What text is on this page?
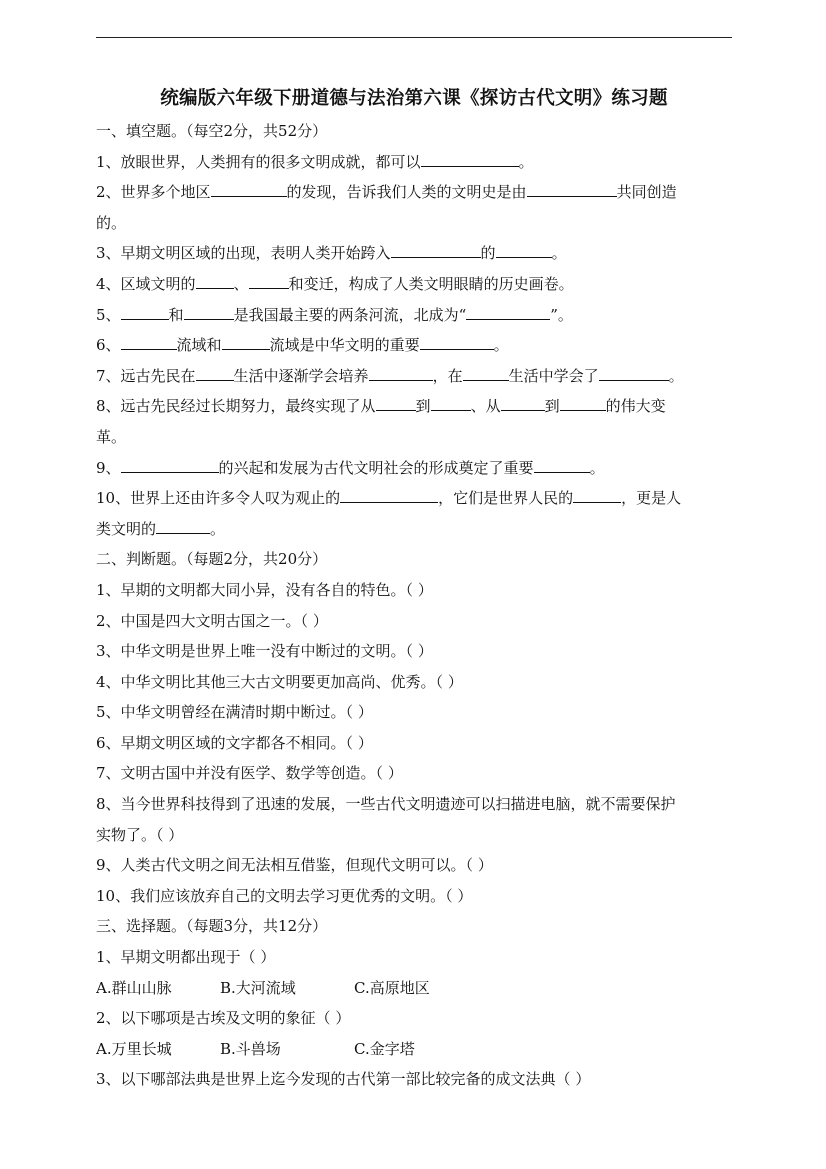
统编版六年级下册道德与法治第六课《探访古代文明》练习题
一、填空题。（每空2分，共52分）
1、放眼世界，人类拥有的很多文明成就，都可以	。
2、世界多个地区	的发现，告诉我们人类的文明史是由	共同创造
的。
3、早期文明区域的出现，表明人类开始跨入	的	。
4、区域文明的	、	和变迁，构成了人类文明眼睛的历史画卷。
5、	和	是我国最主要的两条河流，北成为“	”。
6、	流域和	流域是中华文明的重要	。
7、远古先民在	生活中逐渐学会培养	，在	生活中学会了	。
8、远古先民经过长期努力，最终实现了从	到	、从	到	的伟大变
革。
9、	的兴起和发展为古代文明社会的形成奠定了重要	。
10、世界上还由许多令人叹为观止的	，它们是世界人民的	，更是人
类文明的	。
二、判断题。（每题2分，共20分）
1、早期的文明都大同小异，没有各自的特色。（ ）
2、中国是四大文明古国之一。（ ）
3、中华文明是世界上唯一没有中断过的文明。（ ）
4、中华文明比其他三大古文明要更加高尚、优秀。（ ）
5、中华文明曾经在满清时期中断过。（ ）
6、早期文明区域的文字都各不相同。（ ）
7、文明古国中并没有医学、数学等创造。（ ）
8、当今世界科技得到了迅速的发展，一些古代文明遗迹可以扫描进电脑，就不需要保护
实物了。（ ）
9、人类古代文明之间无法相互借鉴，但现代文明可以。（ ）
10、我们应该放弃自己的文明去学习更优秀的文明。（ ）
三、选择题。（每题3分，共12分）
1、早期文明都出现于（ ）
A.群山山脉	B.大河流域	C.高原地区
2、以下哪项是古埃及文明的象征（ ）
A.万里长城	B.斗兽场	C.金字塔
3、以下哪部法典是世界上迄今发现的古代第一部比较完备的成文法典（ ）
